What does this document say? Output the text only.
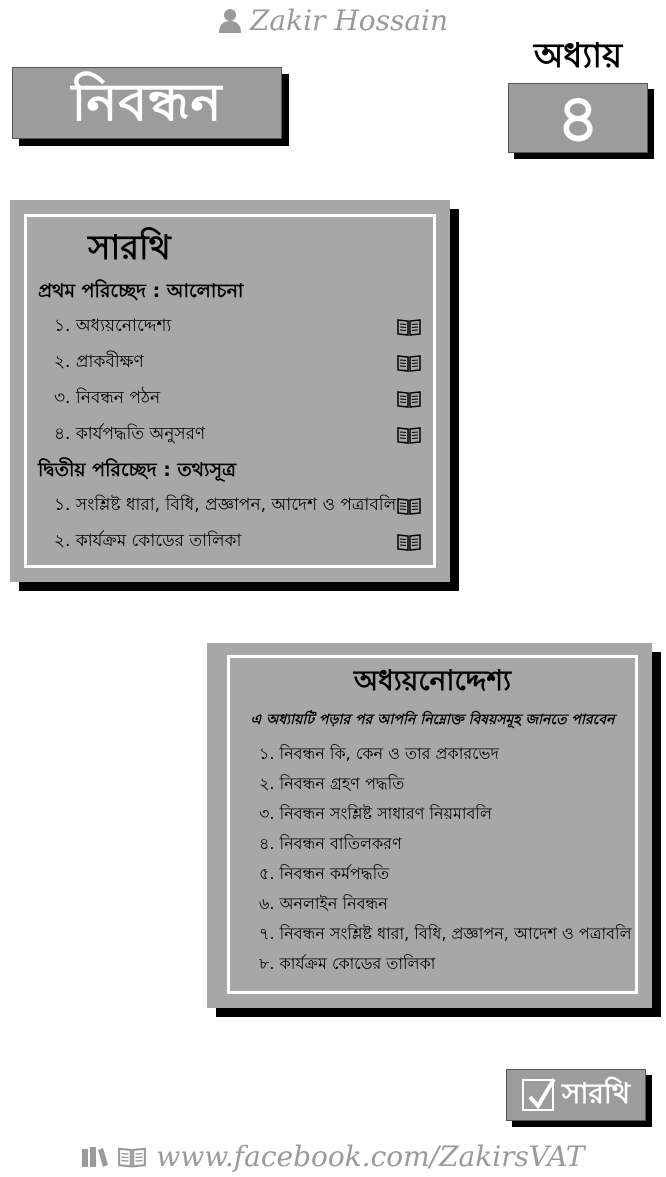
Zakir Hossain
নিবন্ধন
অধ্যায়
৪
সারথি
প্রথম পরিচ্ছেদ : আলোচনা
১. অধ্যয়নোদ্দেশ্য
২. প্রাকবীক্ষণ
৩. নিবন্ধন পঠন
৪. কার্যপদ্ধতি অনুসরণ
দ্বিতীয় পরিচ্ছেদ : তথ্যসূত্র
১. সংশ্লিষ্ট ধারা, বিধি, প্রজ্ঞাপন, আদেশ ও পত্রাবলি
২. কার্যক্রম কোডের তালিকা
অধ্যয়নোদ্দেশ্য
এ অধ্যায়টি পড়ার পর আপনি নিম্নোক্ত বিষয়সমূহ জানতে পারবেন
১. নিবন্ধন কি, কেন ও তার প্রকারভেদ
২. নিবন্ধন গ্রহণ পদ্ধতি
৩. নিবন্ধন সংশ্লিষ্ট সাধারণ নিয়মাবলি
৪. নিবন্ধন বাতিলকরণ
৫. নিবন্ধন কর্মপদ্ধতি
৬. অনলাইন নিবন্ধন
৭. নিবন্ধন সংশ্লিষ্ট ধারা, বিধি, প্রজ্ঞাপন, আদেশ ও পত্রাবলি
৮. কার্যক্রম কোডের তালিকা
সারথি
www.facebook.com/ZakirsVAT
